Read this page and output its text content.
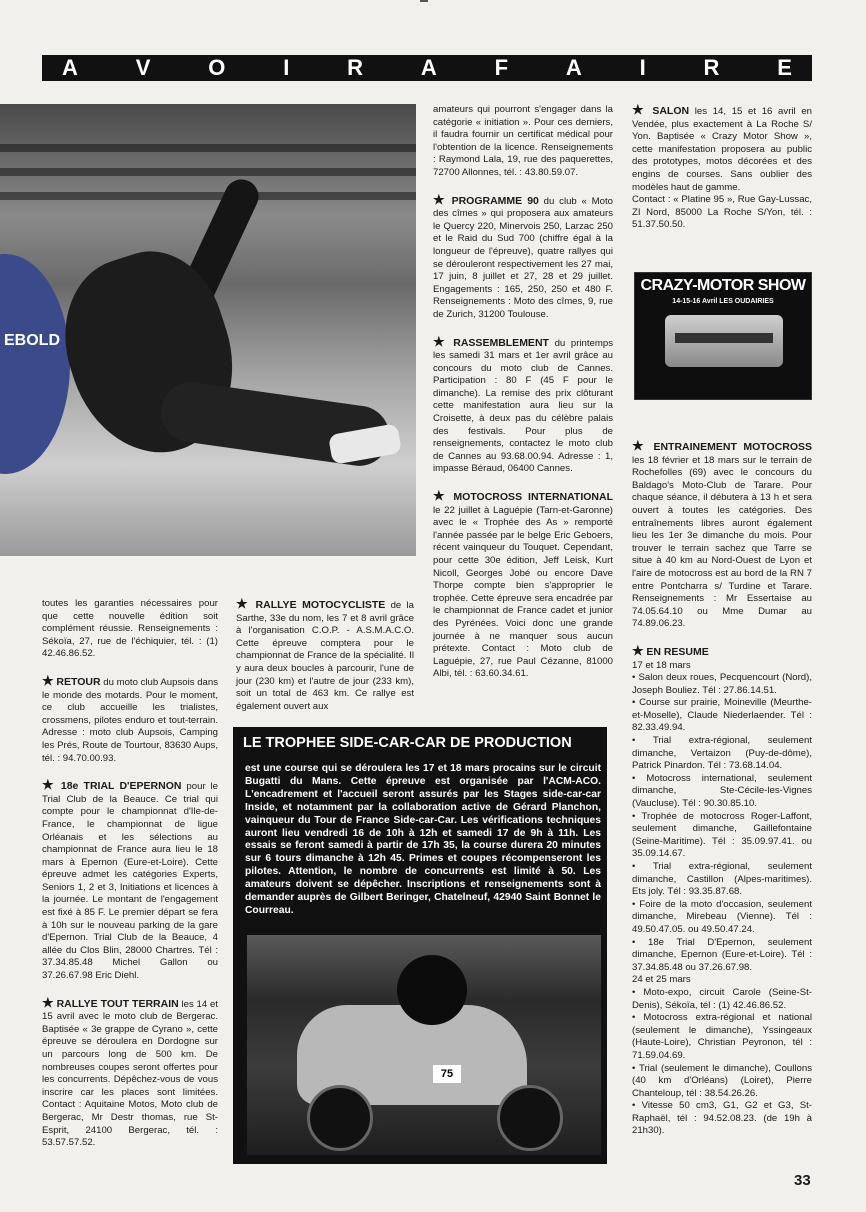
A	V	O	I	R	A	F	A	I	R	E
EBOLD

toutes les garanties nécessaires pour que cette nouvelle édition soit complément réussie. Renseignements : Sékoïa, 27, rue de l'échiquier, tél. : (1) 42.46.86.52.

★ RETOUR du moto club Aupsois dans le monde des motards. Pour le moment, ce club accueille les trialistes, crossmens, pilotes enduro et tout-terrain. Adresse : moto club Aupsois, Camping les Prés, Route de Tourtour, 83630 Aups, tél. : 94.70.00.93.

★ 18e TRIAL D'EPERNON pour le Trial Club de la Beauce. Ce trial qui compte pour le championnat d'Ile-de-France, le championnat de ligue Orléanais et les sélections au championnat de France aura lieu le 18 mars à Epernon (Eure-et-Loire). Cette épreuve admet les catégories Experts, Seniors 1, 2 et 3, Initiations et licences à la journée. Le montant de l'engagement est fixé à 85 F. Le premier départ se fera à 10h sur le nouveau parking de la gare d'Epernon. Trial Club de la Beauce, 4 allée du Clos Blin, 28000 Chartres. Tél : 37.34.85.48 Michel Gallon ou 37.26.67.98 Eric Diehl.

★ RALLYE TOUT TERRAIN les 14 et 15 avril avec le moto club de Bergerac. Baptisée « 3e grappe de Cyrano », cette épreuve se déroulera en Dordogne sur un parcours long de 500 km. De nombreuses coupes seront offertes pour les concurrents. Dépêchez-vous de vous inscrire car les places sont limitées. Contact : Aquitaine Motos, Moto club de Bergerac, Mr Destr thomas, rue St-Esprit, 24100 Bergerac, tél. : 53.57.57.52.

★ RALLYE MOTOCYCLISTE de la Sarthe, 33e du nom, les 7 et 8 avril grâce à l'organisation C.O.P. - A.S.M.A.C.O. Cette épreuve comptera pour le championnat de France de la spécialité. Il y aura deux boucles à parcourir, l'une de jour (230 km) et l'autre de jour (233 km), soit un total de 463 km. Ce rallye est également ouvert aux

amateurs qui pourront s'engager dans la catégorie « initiation ». Pour ces derniers, il faudra fournir un certificat médical pour l'obtention de la licence. Renseignements : Raymond Lala, 19, rue des paquerettes, 72700 Allonnes, tél. : 43.80.59.07.

★ PROGRAMME 90 du club « Moto des cîmes » qui proposera aux amateurs le Quercy 220, Minervois 250, Larzac 250 et le Raid du Sud 700 (chiffre égal à la longueur de l'épreuve), quatre rallyes qui se dérouleront respectivement les 27 mai, 17 juin, 8 juillet et 27, 28 et 29 juillet. Engagements : 165, 250, 250 et 480 F. Renseignements : Moto des cîmes, 9, rue de Zurich, 31200 Toulouse.

★ RASSEMBLEMENT du printemps les samedi 31 mars et 1er avril grâce au concours du moto club de Cannes. Participation : 80 F (45 F pour le dimanche). La remise des prix clôturant cette manifestation aura lieu sur la Croisette, à deux pas du célèbre palais des festivals. Pour plus de renseignements, contactez le moto club de Cannes au 93.68.00.94. Adresse : 1, impasse Béraud, 06400 Cannes.

★ MOTOCROSS INTERNATIONAL le 22 juillet à Laguépie (Tarn-et-Garonne) avec le « Trophée des As » remporté l'année passée par le belge Eric Geboers, récent vainqueur du Touquet. Cependant, pour cette 30e édition, Jeff Leisk, Kurt Nicoll, Georges Jobé ou encore Dave Thorpe compte bien s'approprier le trophée. Cette épreuve sera encadrée par le championnat de France cadet et junior des Pyrénées. Voici donc une grande journée à ne manquer sous aucun prétexte. Contact : Moto club de Laguépie, 27, rue Paul Cézanne, 81000 Albi, tél. : 63.60.34.61.

★ SALON les 14, 15 et 16 avril en Vendée, plus exactement à La Roche S/ Yon. Baptisée « Crazy Motor Show », cette manifestation proposera au public des prototypes, motos décorées et des engins de courses. Sans oublier des modèles haut de gamme.

Contact : « Platine 95 », Rue Gay-Lussac, ZI Nord, 85000 La Roche S/Yon, tél. : 51.37.50.50.

CRAZY-MOTOR SHOW
14-15-16 Avril LES OUDAIRIES

★ ENTRAINEMENT MOTOCROSS les 18 février et 18 mars sur le terrain de Rochefolles (69) avec le concours du Baldago's Moto-Club de Tarare. Pour chaque séance, il débutera à 13 h et sera ouvert à toutes les catégories. Des entraînements libres auront également lieu les 1er 3e dimanche du mois. Pour trouver le terrain sachez que Tarre se situe à 40 km au Nord-Ouest de Lyon et l'aire de motocross est au bord de la RN 7 entre Pontcharra s/ Turdine et Tarare. Renseignements : Mr Essertaise au 74.05.64.10 ou Mme Dumar au 74.89.06.23.

★ EN RESUME

17 et 18 mars
• Salon deux roues, Pecquencourt (Nord), Joseph Bouliez. Tél : 27.86.14.51.
• Course sur prairie, Moineville (Meurthe-et-Moselle), Claude Niederlaender. Tél : 82.33.49.94.
• Trial extra-régional, seulement dimanche, Vertaizon (Puy-de-dôme), Patrick Pinardon. Tél : 73.68.14.04.
• Motocross international, seulement dimanche, Ste-Cécile-les-Vignes (Vaucluse). Tél : 90.30.85.10.
• Trophée de motocross Roger-Laffont, seulement dimanche, Gaillefontaine (Seine-Maritime). Tél : 35.09.97.41. ou 35.09.14.67.
• Trial extra-régional, seulement dimanche, Castillon (Alpes-maritimes). Ets joly. Tél : 93.35.87.68.
• Foire de la moto d'occasion, seulement dimanche, Mirebeau (Vienne). Tél : 49.50.47.05. ou 49.50.47.24.
• 18e Trial D'Epernon, seulement dimanche, Epernon (Eure-et-Loire). Tél : 37.34.85.48 ou 37.26.67.98.
24 et 25 mars
• Moto-expo, circuit Carole (Seine-St-Denis), Sékoïa, tél : (1) 42.46.86.52.
• Motocross extra-régional et national (seulement le dimanche), Yssingeaux (Haute-Loire), Christian Peyronon, tél : 71.59.04.69.
• Trial (seulement le dimanche), Coullons (40 km d'Orléans) (Loiret), Pierre Chanteloup, tél : 38.54.26.26.
• Vitesse 50 cm3, G1, G2 et G3, St-Raphaël, tél : 94.52.08.23. (de 19h à 21h30).
LE TROPHEE SIDE-CAR-CAR DE PRODUCTION
est une course qui se déroulera les 17 et 18 mars procains sur le circuit Bugatti du Mans. Cette épreuve est organisée par l'ACM-ACO. L'encadrement et l'accueil seront assurés par les Stages side-car-car Inside, et notamment par la collaboration active de Gérard Planchon, vainqueur du Tour de France Side-car-Car. Les vérifications techniques auront lieu vendredi 16 de 10h à 12h et samedi 17 de 9h à 11h. Les essais se feront samedi à partir de 17h 35, la course durera 20 minutes sur 6 tours dimanche à 12h 45. Primes et coupes récompenseront les pilotes. Attention, le nombre de concurrents est limité à 50. Les amateurs doivent se dépêcher. Inscriptions et renseignements sont à demander auprès de Gilbert Beringer, Chatelneuf, 42940 Saint Bonnet le Courreau.
75
33
